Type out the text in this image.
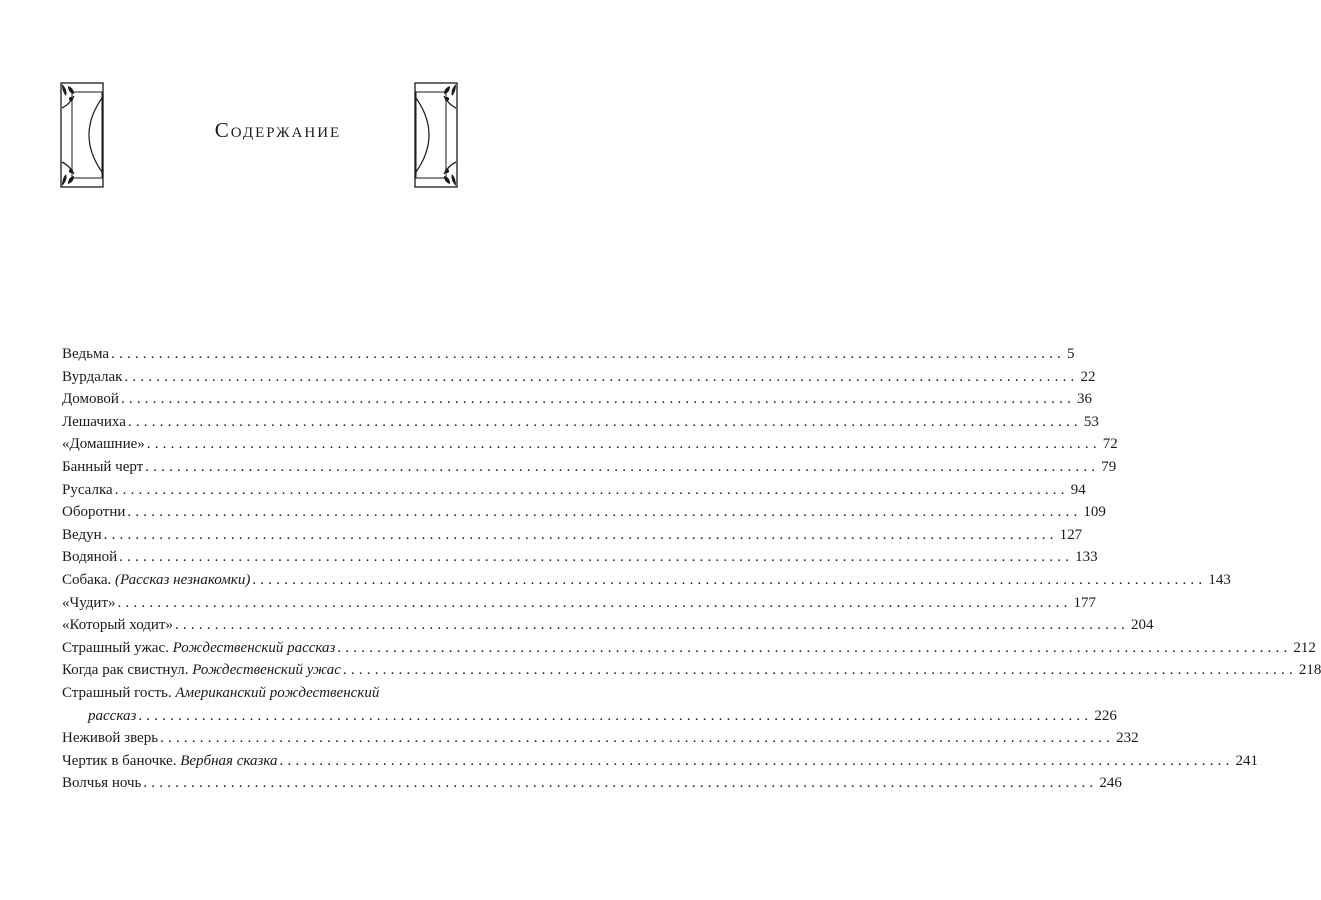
Содержание
Ведьма ........................................................................................................................ 5
Вурдалак ........................................................................................................................ 22
Домовой ........................................................................................................................ 36
Лешачиха ........................................................................................................................ 53
«Домашние» ........................................................................................................................ 72
Банный черт ........................................................................................................................ 79
Русалка ........................................................................................................................ 94
Оборотни ........................................................................................................................ 109
Ведун ........................................................................................................................ 127
Водяной ........................................................................................................................ 133
Собака.
(Рассказ незнакомки) ........................................................................................................................ 143
«Чудит» ........................................................................................................................ 177
«Который ходит» ........................................................................................................................ 204
Страшный ужас.
Рождественский рассказ ........................................................................................................................ 212
Когда рак свистнул.
Рождественский ужас ........................................................................................................................ 218
Страшный гость.
Американский рождественский
рассказ ........................................................................................................................ 226
Неживой зверь ........................................................................................................................ 232
Чертик в баночке.
Вербная сказка ........................................................................................................................ 241
Волчья ночь ........................................................................................................................ 246
